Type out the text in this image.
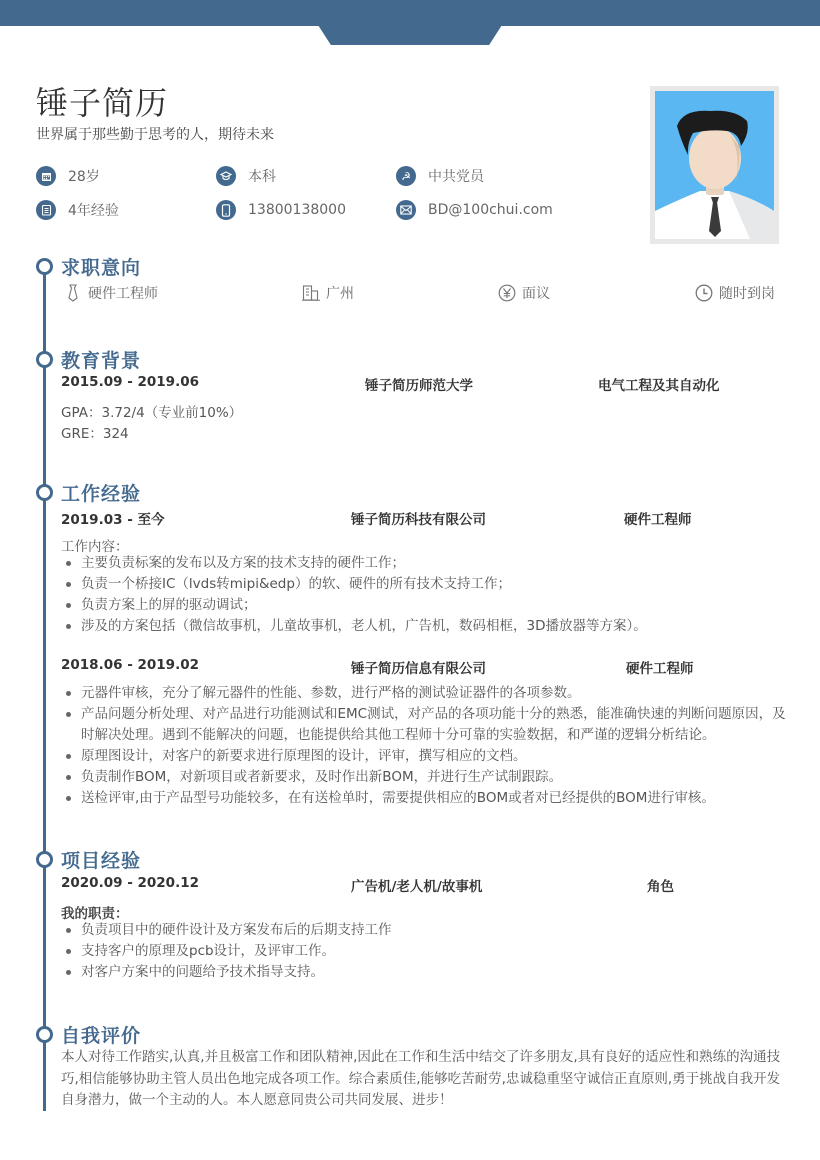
锤子简历
世界属于那些勤于思考的人，期待未来
28岁	本科	☭	中共党员
4年经验	13800138000	BD@100chui.com
求职意向
硬件工程师	广州	面议	随时到岗
教育背景
2015.09 - 2019.06	锤子简历师范大学	电气工程及其自动化
GPA：3.72/4（专业前10%）
GRE：324
工作经验
2019.03 - 至今	锤子简历科技有限公司	硬件工程师
工作内容：
主要负责标案的发布以及方案的技术支持的硬件工作；
负责一个桥接IC（lvds转mipi&edp）的软、硬件的所有技术支持工作；
负责方案上的屏的驱动调试；
涉及的方案包括（微信故事机，儿童故事机，老人机，广告机，数码相框，3D播放器等方案）。
2018.06 - 2019.02	锤子简历信息有限公司	硬件工程师
元器件审核，充分了解元器件的性能、参数，进行严格的测试验证器件的各项参数。
产品问题分析处理、对产品进行功能测试和EMC测试，对产品的各项功能十分的熟悉，能准确快速的判断问题原因，及时解决处理。遇到不能解决的问题，也能提供给其他工程师十分可靠的实验数据，和严谨的逻辑分析结论。
原理图设计，对客户的新要求进行原理图的设计，评审，撰写相应的文档。
负责制作BOM，对新项目或者新要求，及时作出新BOM，并进行生产试制跟踪。
送检评审,由于产品型号功能较多，在有送检单时，需要提供相应的BOM或者对已经提供的BOM进行审核。
项目经验
2020.09 - 2020.12	广告机/老人机/故事机	角色
我的职责：
负责项目中的硬件设计及方案发布后的后期支持工作
支持客户的原理及pcb设计，及评审工作。
对客户方案中的问题给予技术指导支持。
自我评价
本人对待工作踏实,认真,并且极富工作和团队精神,因此在工作和生活中结交了许多朋友,具有良好的适应性和熟练的沟通技巧,相信能够协助主管人员出色地完成各项工作。综合素质佳,能够吃苦耐劳,忠诚稳重坚守诚信正直原则,勇于挑战自我开发自身潜力，做一个主动的人。本人愿意同贵公司共同发展、进步！
